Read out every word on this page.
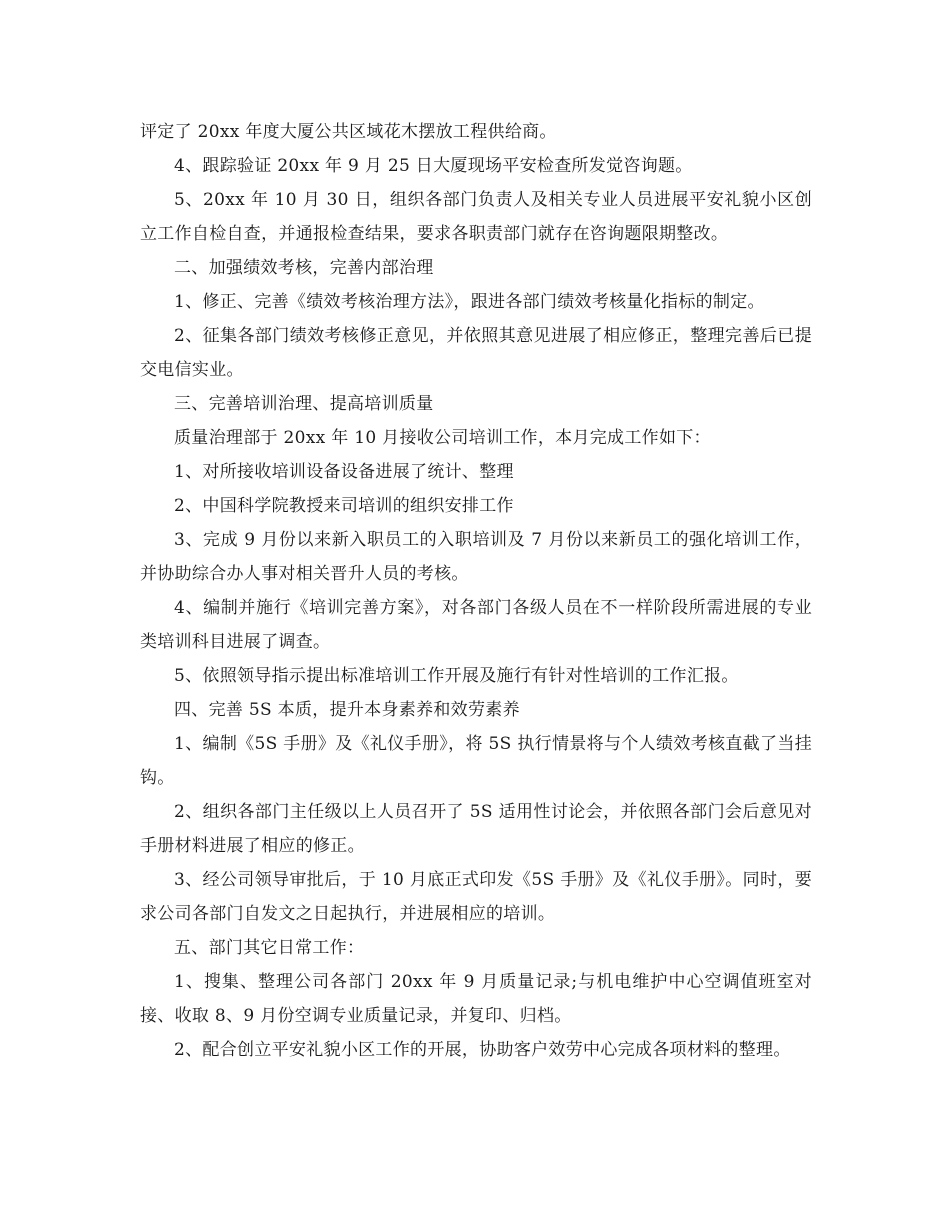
评定了 20xx 年度大厦公共区域花木摆放工程供给商。

4、跟踪验证 20xx 年 9 月 25 日大厦现场平安检查所发觉咨询题。

5、20xx 年 10 月 30 日，组织各部门负责人及相关专业人员进展平安礼貌小区创立工作自检自查，并通报检查结果，要求各职责部门就存在咨询题限期整改。

二、加强绩效考核，完善内部治理

1、修正、完善《绩效考核治理方法》，跟进各部门绩效考核量化指标的制定。

2、征集各部门绩效考核修正意见，并依照其意见进展了相应修正，整理完善后已提交电信实业。

三、完善培训治理、提高培训质量

质量治理部于 20xx 年 10 月接收公司培训工作，本月完成工作如下：

1、对所接收培训设备设备进展了统计、整理

2、中国科学院教授来司培训的组织安排工作

3、完成 9 月份以来新入职员工的入职培训及 7 月份以来新员工的强化培训工作，并协助综合办人事对相关晋升人员的考核。

4、编制并施行《培训完善方案》，对各部门各级人员在不一样阶段所需进展的专业类培训科目进展了调查。

5、依照领导指示提出标准培训工作开展及施行有针对性培训的工作汇报。

四、完善 5S 本质，提升本身素养和效劳素养

1、编制《5S 手册》及《礼仪手册》，将 5S 执行情景将与个人绩效考核直截了当挂钩。

2、组织各部门主任级以上人员召开了 5S 适用性讨论会，并依照各部门会后意见对手册材料进展了相应的修正。

3、经公司领导审批后，于 10 月底正式印发《5S 手册》及《礼仪手册》。同时，要求公司各部门自发文之日起执行，并进展相应的培训。

五、部门其它日常工作：

1、搜集、整理公司各部门 20xx 年 9 月质量记录;与机电维护中心空调值班室对接、收取 8、9 月份空调专业质量记录，并复印、归档。

2、配合创立平安礼貌小区工作的开展，协助客户效劳中心完成各项材料的整理。
